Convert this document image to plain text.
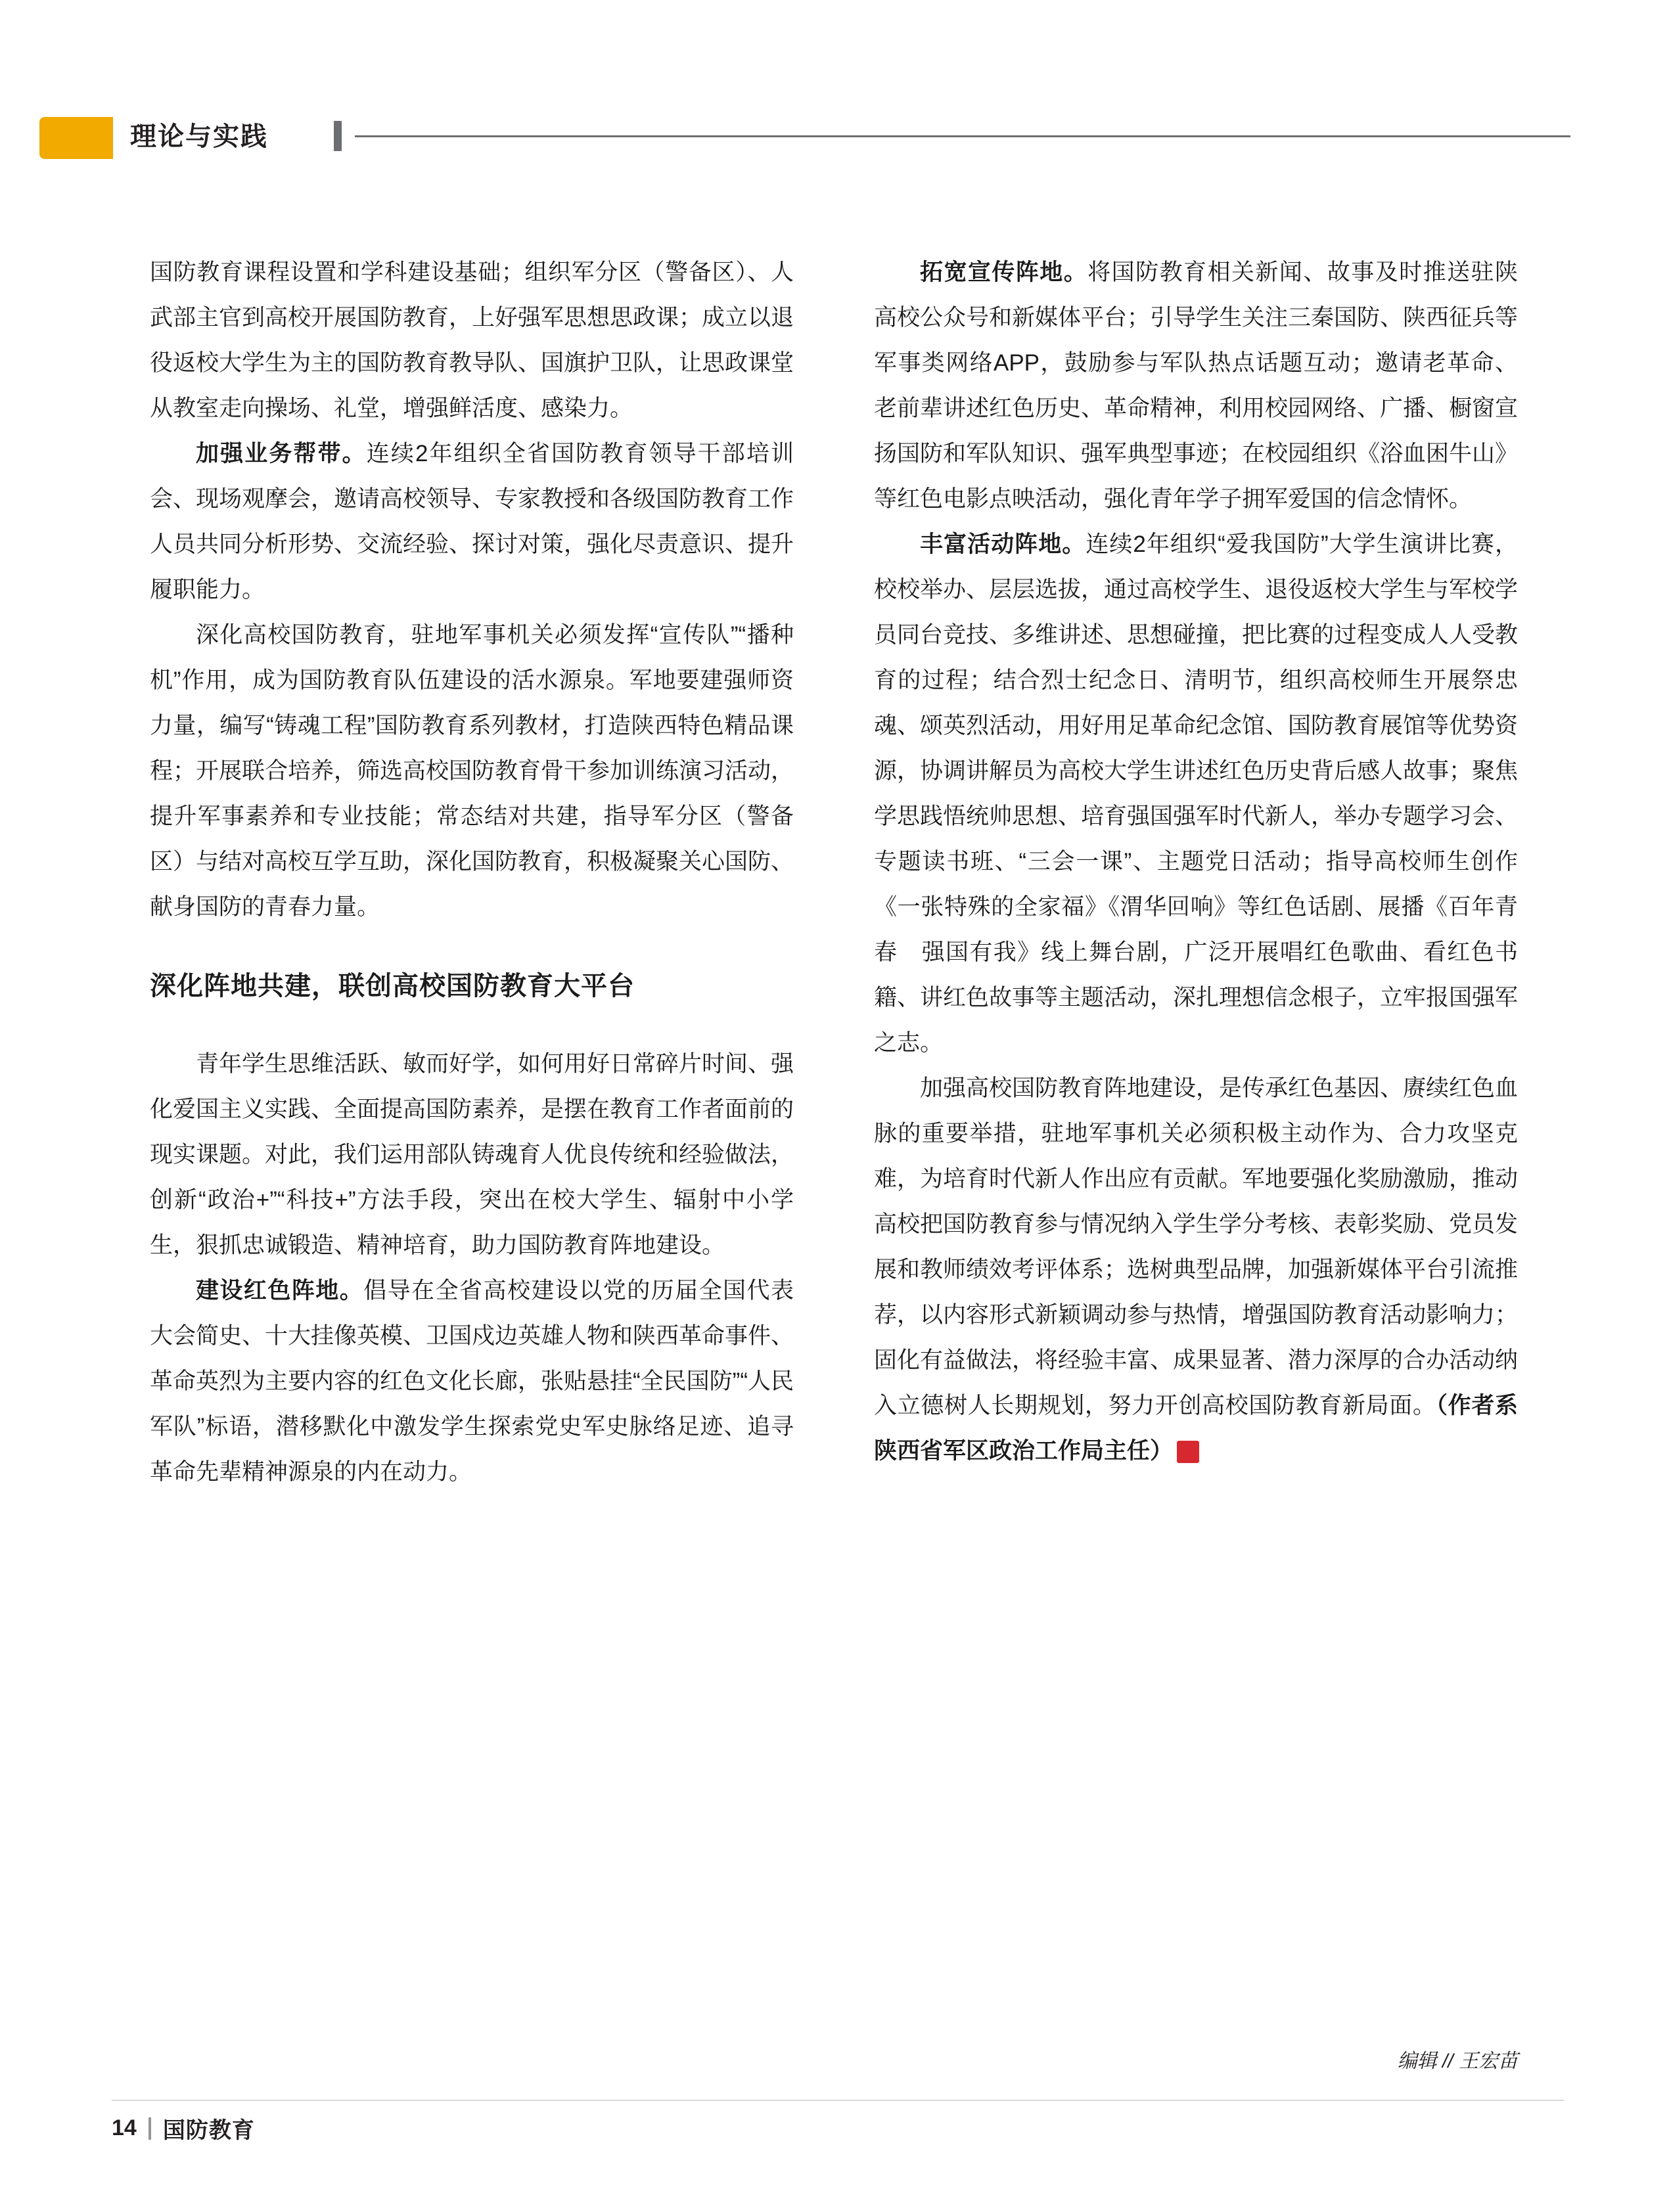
理论与实践

国防教育课程设置和学科建设基础；组织军分区（警备区）、人武部主官到高校开展国防教育，上好强军思想思政课；成立以退役返校大学生为主的国防教育教导队、国旗护卫队，让思政课堂从教室走向操场、礼堂，增强鲜活度、感染力。

加强业务帮带。连续2年组织全省国防教育领导干部培训会、现场观摩会，邀请高校领导、专家教授和各级国防教育工作人员共同分析形势、交流经验、探讨对策，强化尽责意识、提升履职能力。

深化高校国防教育，驻地军事机关必须发挥“宣传队”“播种机”作用，成为国防教育队伍建设的活水源泉。军地要建强师资力量，编写“铸魂工程”国防教育系列教材，打造陕西特色精品课程；开展联合培养，筛选高校国防教育骨干参加训练演习活动，提升军事素养和专业技能；常态结对共建，指导军分区（警备区）与结对高校互学互助，深化国防教育，积极凝聚关心国防、献身国防的青春力量。

深化阵地共建，联创高校国防教育大平台

青年学生思维活跃、敏而好学，如何用好日常碎片时间、强化爱国主义实践、全面提高国防素养，是摆在教育工作者面前的现实课题。对此，我们运用部队铸魂育人优良传统和经验做法，创新“政治+”“科技+”方法手段，突出在校大学生、辐射中小学生，狠抓忠诚锻造、精神培育，助力国防教育阵地建设。

建设红色阵地。倡导在全省高校建设以党的历届全国代表大会简史、十大挂像英模、卫国戍边英雄人物和陕西革命事件、革命英烈为主要内容的红色文化长廊，张贴悬挂“全民国防”“人民军队”标语，潜移默化中激发学生探索党史军史脉络足迹、追寻革命先辈精神源泉的内在动力。

拓宽宣传阵地。将国防教育相关新闻、故事及时推送驻陕高校公众号和新媒体平台；引导学生关注三秦国防、陕西征兵等军事类网络APP，鼓励参与军队热点话题互动；邀请老革命、老前辈讲述红色历史、革命精神，利用校园网络、广播、橱窗宣扬国防和军队知识、强军典型事迹；在校园组织《浴血困牛山》等红色电影点映活动，强化青年学子拥军爱国的信念情怀。

丰富活动阵地。连续2年组织“爱我国防”大学生演讲比赛，校校举办、层层选拔，通过高校学生、退役返校大学生与军校学员同台竞技、多维讲述、思想碰撞，把比赛的过程变成人人受教育的过程；结合烈士纪念日、清明节，组织高校师生开展祭忠魂、颂英烈活动，用好用足革命纪念馆、国防教育展馆等优势资源，协调讲解员为高校大学生讲述红色历史背后感人故事；聚焦学思践悟统帅思想、培育强国强军时代新人，举办专题学习会、专题读书班、“三会一课”、主题党日活动；指导高校师生创作《一张特殊的全家福》《渭华回响》等红色话剧、展播《百年青春　强国有我》线上舞台剧，广泛开展唱红色歌曲、看红色书籍、讲红色故事等主题活动，深扎理想信念根子，立牢报国强军之志。

加强高校国防教育阵地建设，是传承红色基因、赓续红色血脉的重要举措，驻地军事机关必须积极主动作为、合力攻坚克难，为培育时代新人作出应有贡献。军地要强化奖励激励，推动高校把国防教育参与情况纳入学生学分考核、表彰奖励、党员发展和教师绩效考评体系；选树典型品牌，加强新媒体平台引流推荐，以内容形式新颖调动参与热情，增强国防教育活动影响力；固化有益做法，将经验丰富、成果显著、潜力深厚的合办活动纳入立德树人长期规划，努力开创高校国防教育新局面。（作者系陕西省军区政治工作局主任）	G

编辑 // 王宏苗
14 国防教育
